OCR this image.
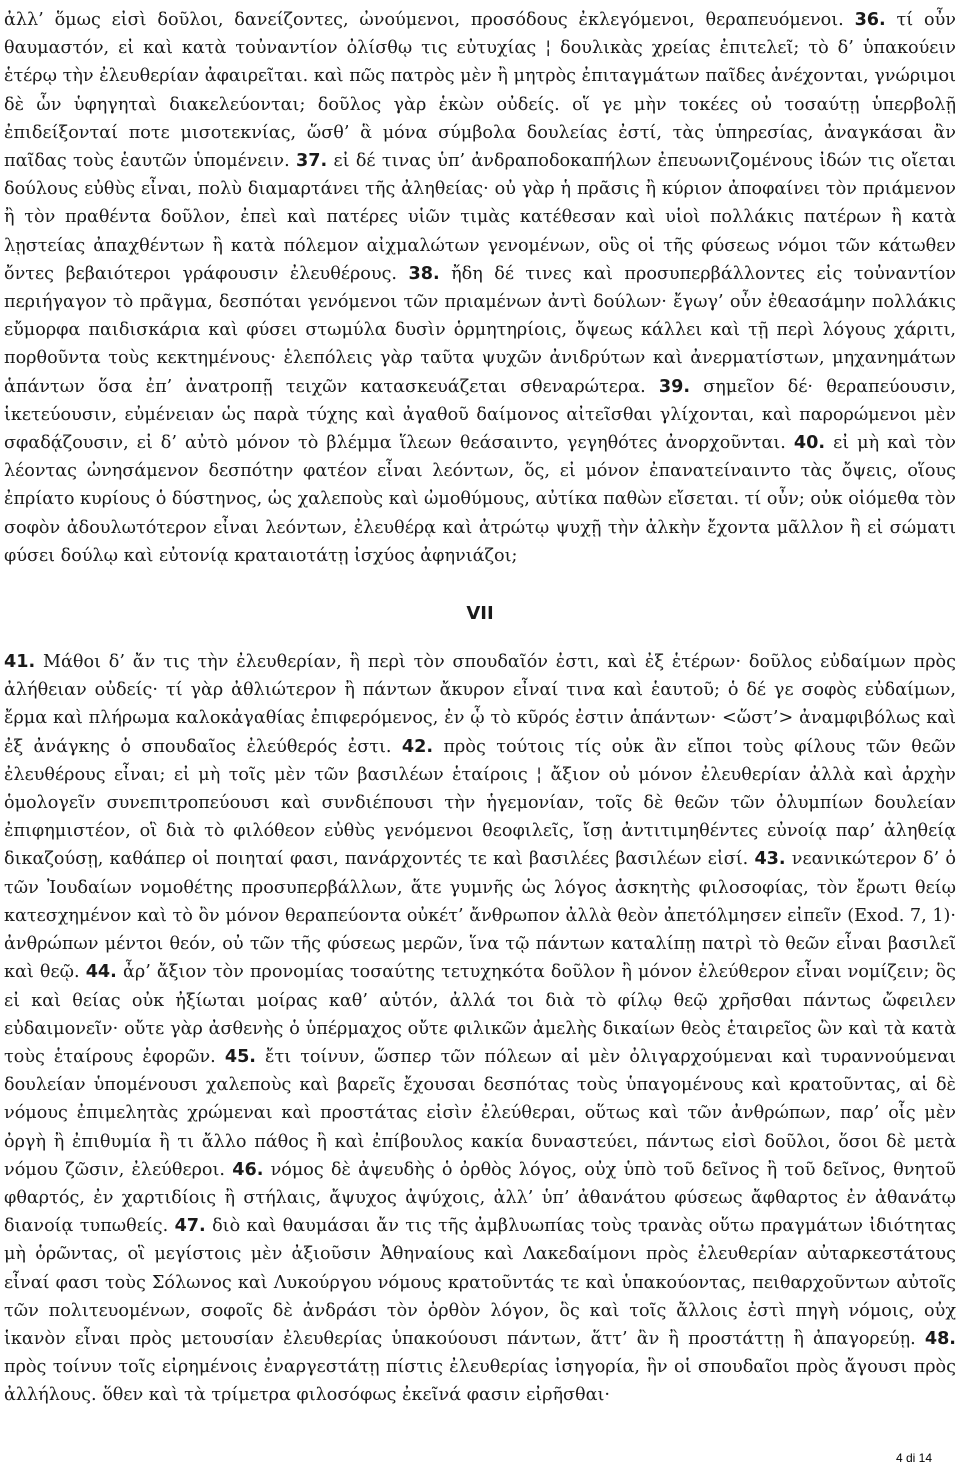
ἀλλ’ ὅμως εἰσὶ δοῦλοι, δανείζοντες, ὠνούμενοι, προσόδους ἐκλεγόμενοι, θεραπευόμενοι. 36. τί οὖν θαυμαστόν, εἰ καὶ κατὰ τοὐναντίον ὀλίσθῳ τις εὐτυχίας ¦ δουλικὰς χρείας ἐπιτελεῖ; τὸ δ’ ὑπακούειν ἑτέρῳ τὴν ἐλευθερίαν ἀφαιρεῖται. καὶ πῶς πατρὸς μὲν ἢ μητρὸς ἐπιταγμάτων παῖδες ἀνέχονται, γνώριμοι δὲ ὧν ὑφηγηταὶ διακελεύονται; δοῦλος γὰρ ἑκὼν οὐδείς. οἵ γε μὴν τοκέες οὐ τοσαύτῃ ὑπερβολῇ ἐπιδείξονταί ποτε μισοτεκνίας, ὥσθ’ ἃ μόνα σύμβολα δουλείας ἐστί, τὰς ὑπηρεσίας, ἀναγκάσαι ἂν παῖδας τοὺς ἑαυτῶν ὑπομένειν. 37. εἰ δέ τινας ὑπ’ ἀνδραποδοκαπήλων ἐπευωνιζομένους ἰδών τις οἴεται δούλους εὐθὺς εἶναι, πολὺ διαμαρτάνει τῆς ἀληθείας· οὐ γὰρ ἡ πρᾶσις ἢ κύριον ἀποφαίνει τὸν πριάμενον ἢ τὸν πραθέντα δοῦλον, ἐπεὶ καὶ πατέρες υἱῶν τιμὰς κατέθεσαν καὶ υἱοὶ πολλάκις πατέρων ἢ κατὰ λῃστείας ἀπαχθέντων ἢ κατὰ πόλεμον αἰχμαλώτων γενομένων, οὓς οἱ τῆς φύσεως νόμοι τῶν κάτωθεν ὄντες βεβαιότεροι γράφουσιν ἐλευθέρους. 38. ἤδη δέ τινες καὶ προσυπερβάλλοντες εἰς τοὐναντίον περιήγαγον τὸ πρᾶγμα, δεσπόται γενόμενοι τῶν πριαμένων ἀντὶ δούλων· ἔγωγ’ οὖν ἐθεασάμην πολλάκις εὔμορφα παιδισκάρια καὶ φύσει στωμύλα δυσὶν ὁρμητηρίοις, ὄψεως κάλλει καὶ τῇ περὶ λόγους χάριτι, πορθοῦντα τοὺς κεκτημένους· ἑλεπόλεις γὰρ ταῦτα ψυχῶν ἀνιδρύτων καὶ ἀνερματίστων, μηχανημάτων ἁπάντων ὅσα ἐπ’ ἀνατροπῇ τειχῶν κατασκευάζεται σθεναρώτερα. 39. σημεῖον δέ· θεραπεύουσιν, ἱκετεύουσιν, εὐμένειαν ὡς παρὰ τύχης καὶ ἀγαθοῦ δαίμονος αἰτεῖσθαι γλίχονται, καὶ παρορώμενοι μὲν σφαδᾴζουσιν, εἰ δ’ αὐτὸ μόνον τὸ βλέμμα ἵλεων θεάσαιντο, γεγηθότες ἀνορχοῦνται. 40. εἰ μὴ καὶ τὸν λέοντας ὠνησάμενον δεσπότην φατέον εἶναι λεόντων, ὅς, εἰ μόνον ἐπανατείναιντο τὰς ὄψεις, οἵους ἐπρίατο κυρίους ὁ δύστηνος, ὡς χαλεποὺς καὶ ὠμοθύμους, αὐτίκα παθὼν εἴσεται. τί οὖν; οὐκ οἰόμεθα τὸν σοφὸν ἀδουλωτότερον εἶναι λεόντων, ἐλευθέρᾳ καὶ ἀτρώτῳ ψυχῇ τὴν ἀλκὴν ἔχοντα μᾶλλον ἢ εἰ σώματι φύσει δούλῳ καὶ εὐτονίᾳ κραταιοτάτῃ ἰσχύος ἀφηνιάζοι;

VII

41. Μάθοι δ’ ἄν τις τὴν ἐλευθερίαν, ἣ περὶ τὸν σπουδαῖόν ἐστι, καὶ ἐξ ἑτέρων· δοῦλος εὐδαίμων πρὸς ἀλήθειαν οὐδείς· τί γὰρ ἀθλιώτερον ἢ πάντων ἄκυρον εἶναί τινα καὶ ἑαυτοῦ; ὁ δέ γε σοφὸς εὐδαίμων, ἔρμα καὶ πλήρωμα καλοκἀγαθίας ἐπιφερόμενος, ἐν ᾧ τὸ κῦρός ἐστιν ἁπάντων· <ὥστ’> ἀναμφιβόλως καὶ ἐξ ἀνάγκης ὁ σπουδαῖος ἐλεύθερός ἐστι. 42. πρὸς τούτοις τίς οὐκ ἂν εἴποι τοὺς φίλους τῶν θεῶν ἐλευθέρους εἶναι; εἰ μὴ τοῖς μὲν τῶν βασιλέων ἑταίροις ¦ ἄξιον οὐ μόνον ἐλευθερίαν ἀλλὰ καὶ ἀρχὴν ὁμολογεῖν συνεπιτροπεύουσι καὶ συνδιέπουσι τὴν ἡγεμονίαν, τοῖς δὲ θεῶν τῶν ὀλυμπίων δουλείαν ἐπιφημιστέον, οἳ διὰ τὸ φιλόθεον εὐθὺς γενόμενοι θεοφιλεῖς, ἴσῃ ἀντιτιμηθέντες εὐνοίᾳ παρ’ ἀληθείᾳ δικαζούσῃ, καθάπερ οἱ ποιηταί φασι, πανάρχοντές τε καὶ βασιλέες βασιλέων εἰσί. 43. νεανικώτερον δ’ ὁ τῶν Ἰουδαίων νομοθέτης προσυπερβάλλων, ἅτε γυμνῆς ὡς λόγος ἀσκητὴς φιλοσοφίας, τὸν ἔρωτι θείῳ κατεσχημένον καὶ τὸ ὂν μόνον θεραπεύοντα οὐκέτ’ ἄνθρωπον ἀλλὰ θεὸν ἀπετόλμησεν εἰπεῖν (Exod. 7, 1)· ἀνθρώπων μέντοι θεόν, οὐ τῶν τῆς φύσεως μερῶν, ἵνα τῷ πάντων καταλίπῃ πατρὶ τὸ θεῶν εἶναι βασιλεῖ καὶ θεῷ. 44. ἆρ’ ἄξιον τὸν προνομίας τοσαύτης τετυχηκότα δοῦλον ἢ μόνον ἐλεύθερον εἶναι νομίζειν; ὃς εἰ καὶ θείας οὐκ ἠξίωται μοίρας καθ’ αὑτόν, ἀλλά τοι διὰ τὸ φίλῳ θεῷ χρῆσθαι πάντως ὤφειλεν εὐδαιμονεῖν· οὔτε γὰρ ἀσθενὴς ὁ ὑπέρμαχος οὔτε φιλικῶν ἀμελὴς δικαίων θεὸς ἑταιρεῖος ὢν καὶ τὰ κατὰ τοὺς ἑταίρους ἐφορῶν. 45. ἔτι τοίνυν, ὥσπερ τῶν πόλεων αἱ μὲν ὀλιγαρχούμεναι καὶ τυραννούμεναι δουλείαν ὑπομένουσι χαλεποὺς καὶ βαρεῖς ἔχουσαι δεσπότας τοὺς ὑπαγομένους καὶ κρατοῦντας, αἱ δὲ νόμους ἐπιμελητὰς χρώμεναι καὶ προστάτας εἰσὶν ἐλεύθεραι, οὕτως καὶ τῶν ἀνθρώπων, παρ’ οἷς μὲν ὀργὴ ἢ ἐπιθυμία ἢ τι ἄλλο πάθος ἢ καὶ ἐπίβουλος κακία δυναστεύει, πάντως εἰσὶ δοῦλοι, ὅσοι δὲ μετὰ νόμου ζῶσιν, ἐλεύθεροι. 46. νόμος δὲ ἀψευδὴς ὁ ὀρθὸς λόγος, οὐχ ὑπὸ τοῦ δεῖνος ἢ τοῦ δεῖνος, θνητοῦ φθαρτός, ἐν χαρτιδίοις ἢ στήλαις, ἄψυχος ἀψύχοις, ἀλλ’ ὑπ’ ἀθανάτου φύσεως ἄφθαρτος ἐν ἀθανάτῳ διανοίᾳ τυπωθείς. 47. διὸ καὶ θαυμάσαι ἄν τις τῆς ἀμβλυωπίας τοὺς τρανὰς οὕτω πραγμάτων ἰδιότητας μὴ ὁρῶντας, οἳ μεγίστοις μὲν ἀξιοῦσιν Ἀθηναίους καὶ Λακεδαίμονι πρὸς ἐλευθερίαν αὐταρκεστάτους εἶναί φασι τοὺς Σόλωνος καὶ Λυκούργου νόμους κρατοῦντάς τε καὶ ὑπακούοντας, πειθαρχοῦντων αὐτοῖς τῶν πολιτευομένων, σοφοῖς δὲ ἀνδράσι τὸν ὀρθὸν λόγον, ὃς καὶ τοῖς ἄλλοις ἐστὶ πηγὴ νόμοις, οὐχ ἱκανὸν εἶναι πρὸς μετουσίαν ἐλευθερίας ὑπακούουσι πάντων, ἅττ’ ἂν ἢ προστάττῃ ἢ ἀπαγορεύῃ. 48. πρὸς τοίνυν τοῖς εἰρημένοις ἐναργεστάτῃ πίστις ἐλευθερίας ἰσηγορία, ἣν οἱ σπουδαῖοι πρὸς ἄγουσι πρὸς ἀλλήλους. ὅθεν καὶ τὰ τρίμετρα φιλοσόφως ἐκεῖνά φασιν εἰρῆσθαι·

4 di 14
